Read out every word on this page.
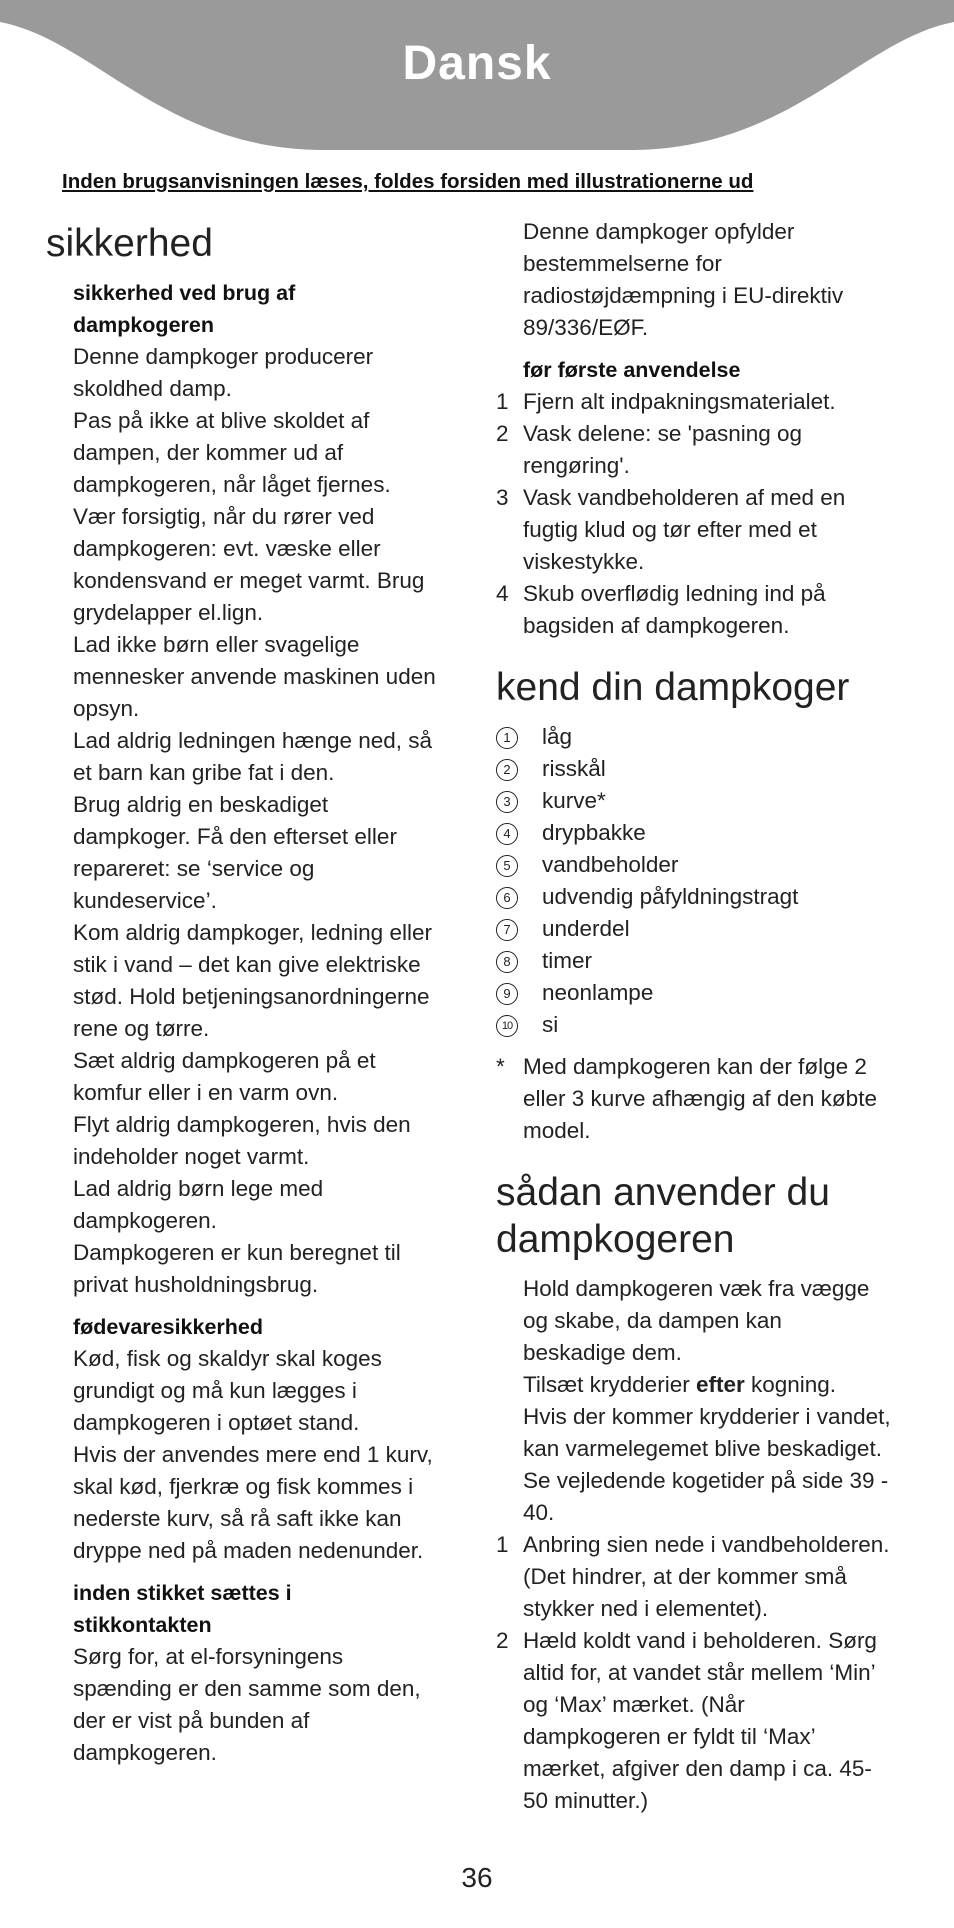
Dansk
Inden brugsanvisningen læses, foldes forsiden med illustrationerne ud
sikkerhed
sikkerhed ved brug af
dampkogeren

Denne dampkoger producerer

skoldhed damp.

Pas på ikke at blive skoldet af

dampen, der kommer ud af

dampkogeren, når låget fjernes.

Vær forsigtig, når du rører ved

dampkogeren: evt. væske eller

kondensvand er meget varmt. Brug

grydelapper el.lign.

Lad ikke børn eller svagelige

mennesker anvende maskinen uden

opsyn.

Lad aldrig ledningen hænge ned, så

et barn kan gribe fat i den.

Brug aldrig en beskadiget

dampkoger. Få den efterset eller

repareret: se ‘service og

kundeservice’.

Kom aldrig dampkoger, ledning eller

stik i vand – det kan give elektriske

stød. Hold betjeningsanordningerne

rene og tørre.

Sæt aldrig dampkogeren på et

komfur eller i en varm ovn.

Flyt aldrig dampkogeren, hvis den

indeholder noget varmt.

Lad aldrig børn lege med

dampkogeren.

Dampkogeren er kun beregnet til

privat husholdningsbrug.

fødevaresikkerhed

Kød, fisk og skaldyr skal koges

grundigt og må kun lægges i

dampkogeren i optøet stand.

Hvis der anvendes mere end 1 kurv,

skal kød, fjerkræ og fisk kommes i

nederste kurv, så rå saft ikke kan

dryppe ned på maden nedenunder.

inden stikket sættes i
stikkontakten

Sørg for, at el-forsyningens

spænding er den samme som den,

der er vist på bunden af

dampkogeren.

Denne dampkoger opfylder

bestemmelserne for

radiostøjdæmpning i EU-direktiv

89/336/EØF.

før første anvendelse
1 Fjern alt indpakningsmaterialet.
2 Vask delene: se 'pasning og
rengøring'.
3 Vask vandbeholderen af med en
fugtig klud og tør efter med et
viskestykke.
4 Skub overflødig ledning ind på
bagsiden af dampkogeren.
kend din dampkoger
1	låg
2	risskål
3	kurve*
4	drypbakke
5	vandbeholder
6	udvendig påfyldningstragt
7	underdel
8	timer
9	neonlampe
10 si
* Med dampkogeren kan der følge 2

eller 3 kurve afhængig af den købte

model.

sådan anvender du
dampkogeren

Hold dampkogeren væk fra vægge

og skabe, da dampen kan

beskadige dem.

Tilsæt krydderier efter kogning.

Hvis der kommer krydderier i vandet,

kan varmelegemet blive beskadiget.

Se vejledende kogetider på side 39 -

40.

1 Anbring sien nede i vandbeholderen.
(Det hindrer, at der kommer små
stykker ned i elementet).
2 Hæld koldt vand i beholderen. Sørg
altid for, at vandet står mellem ‘Min’
og ‘Max’ mærket. (Når
dampkogeren er fyldt til ‘Max’
mærket, afgiver den damp i ca. 45-
50 minutter.)
36
